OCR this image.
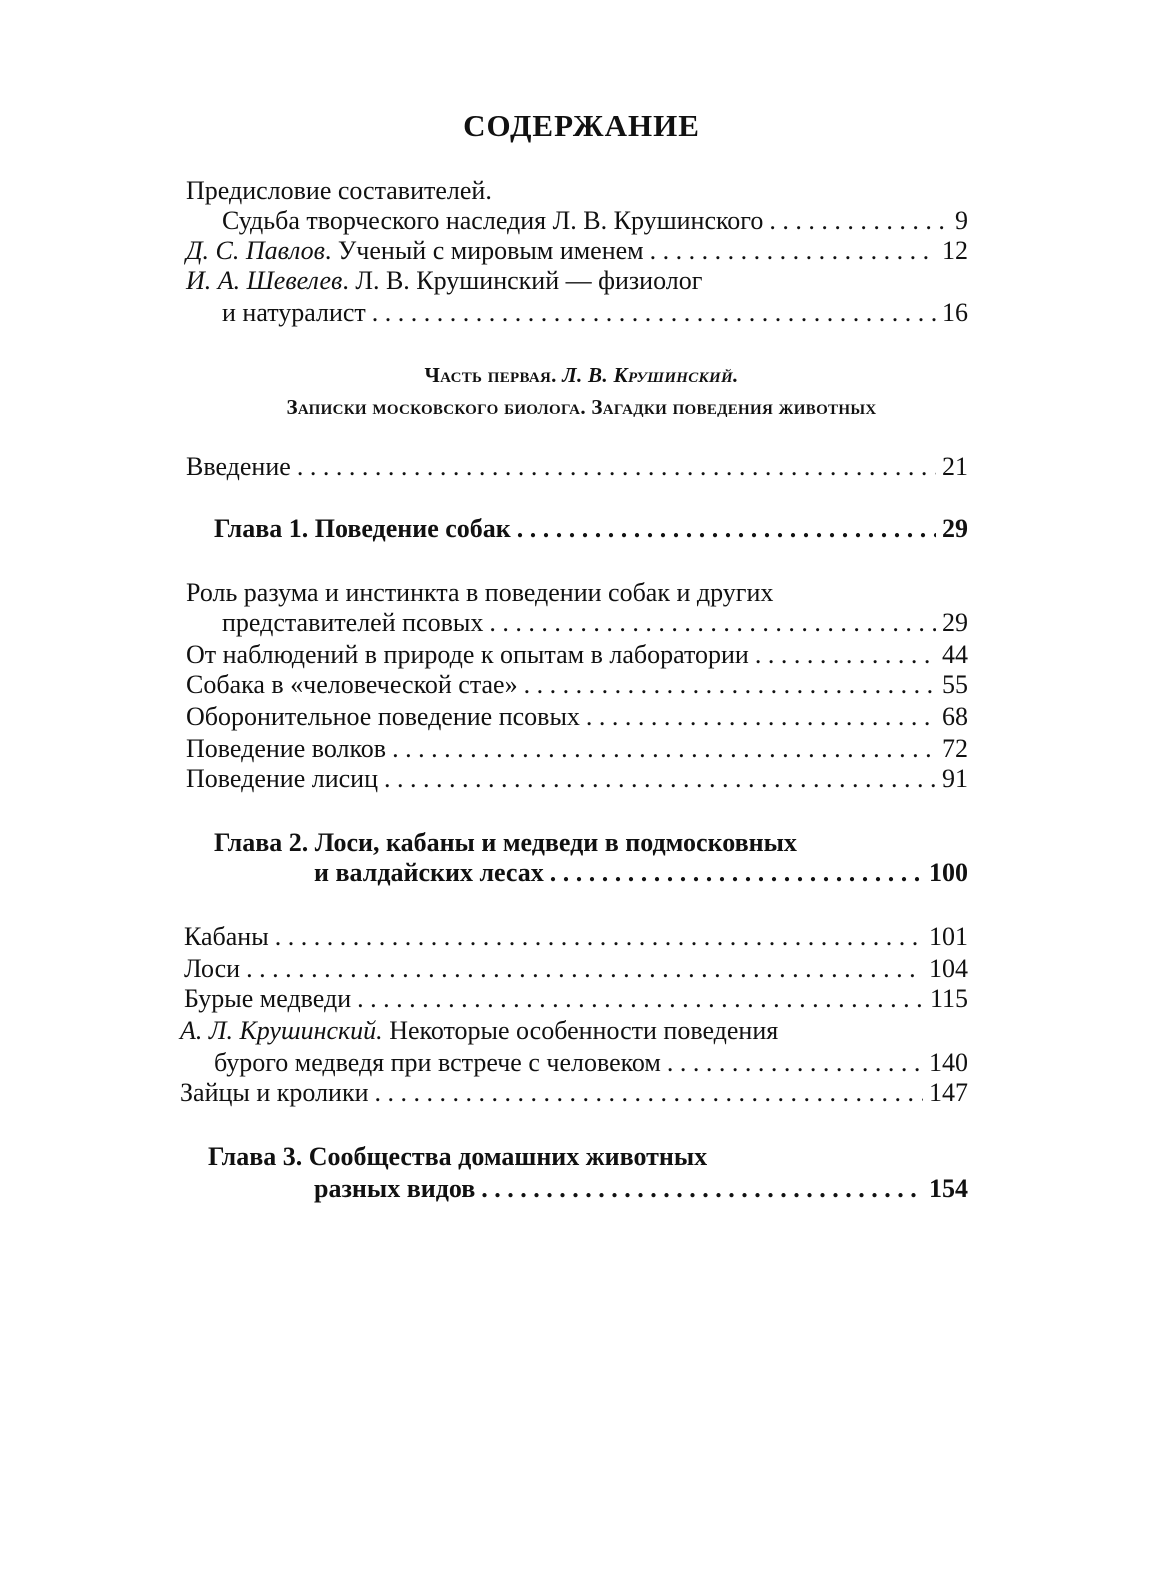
СОДЕРЖАНИЕ
Предисловие составителей.
Судьба творческого наследия Л. В. Крушинского . . .	9
Д. С. Павлов. Ученый с мировым именем . . .	12
И. А. Шевелев. Л. В. Крушинский — физиолог
и натуралист . . .	16
Часть первая. Л. В. Крушинский.
Записки московского биолога. Загадки поведения животных
Введение . . .	21
Глава 1. Поведение собак . . .	29
Роль разума и инстинкта в поведении собак и других
представителей псовых . . .	29
От наблюдений в природе к опытам в лаборатории . . .	44
Собака в «человеческой стае» . . .	55
Оборонительное поведение псовых . . .	68
Поведение волков . . .	72
Поведение лисиц . . .	91
Глава 2. Лоси, кабаны и медведи в подмосковных
и валдайских лесах . . .	100
Кабаны . . .	101
Лоси . . .	104
Бурые медведи . . .	115
А. Л. Крушинский. Некоторые особенности поведения
бурого медведя при встрече с человеком . . .	140
Зайцы и кролики . . .	147
Глава 3. Сообщества домашних животных
разных видов . . .	154
